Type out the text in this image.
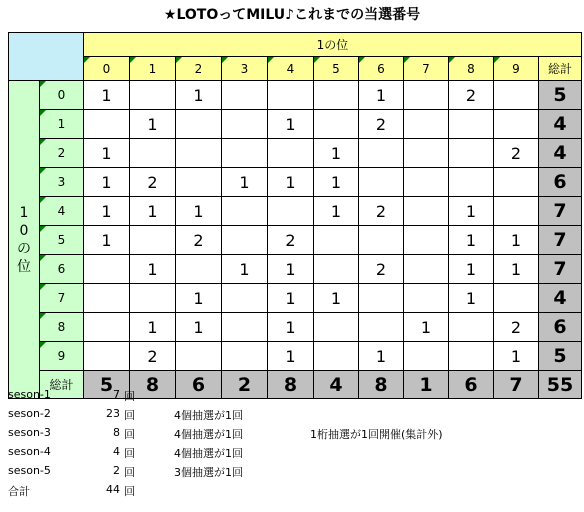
★LOTOってMILU♪これまでの当選番号
		1の位										

0	1	2	3	4	5	6	7	8	9	総計

10の位	0	1		1				1		2		5

1		1			1		2				4

2	1					1				2	4

3	1	2		1	1	1					6

4	1	1	1			1	2		1		7

5	1		2		2				1	1	7

6		1		1	1		2		1	1	7

7			1		1	1			1		4

8		1	1		1			1		2	6

9		2			1		1			1	5
	総計	5	8	6	2	8	4	8	1	6	7	55
seson-1	7 回
seson-2	23 回	4個抽選が1回
seson-3	8 回	4個抽選が1回	1桁抽選が1回開催(集計外)
seson-4	4 回	4個抽選が1回
seson-5	2 回	3個抽選が1回
合計	44 回
